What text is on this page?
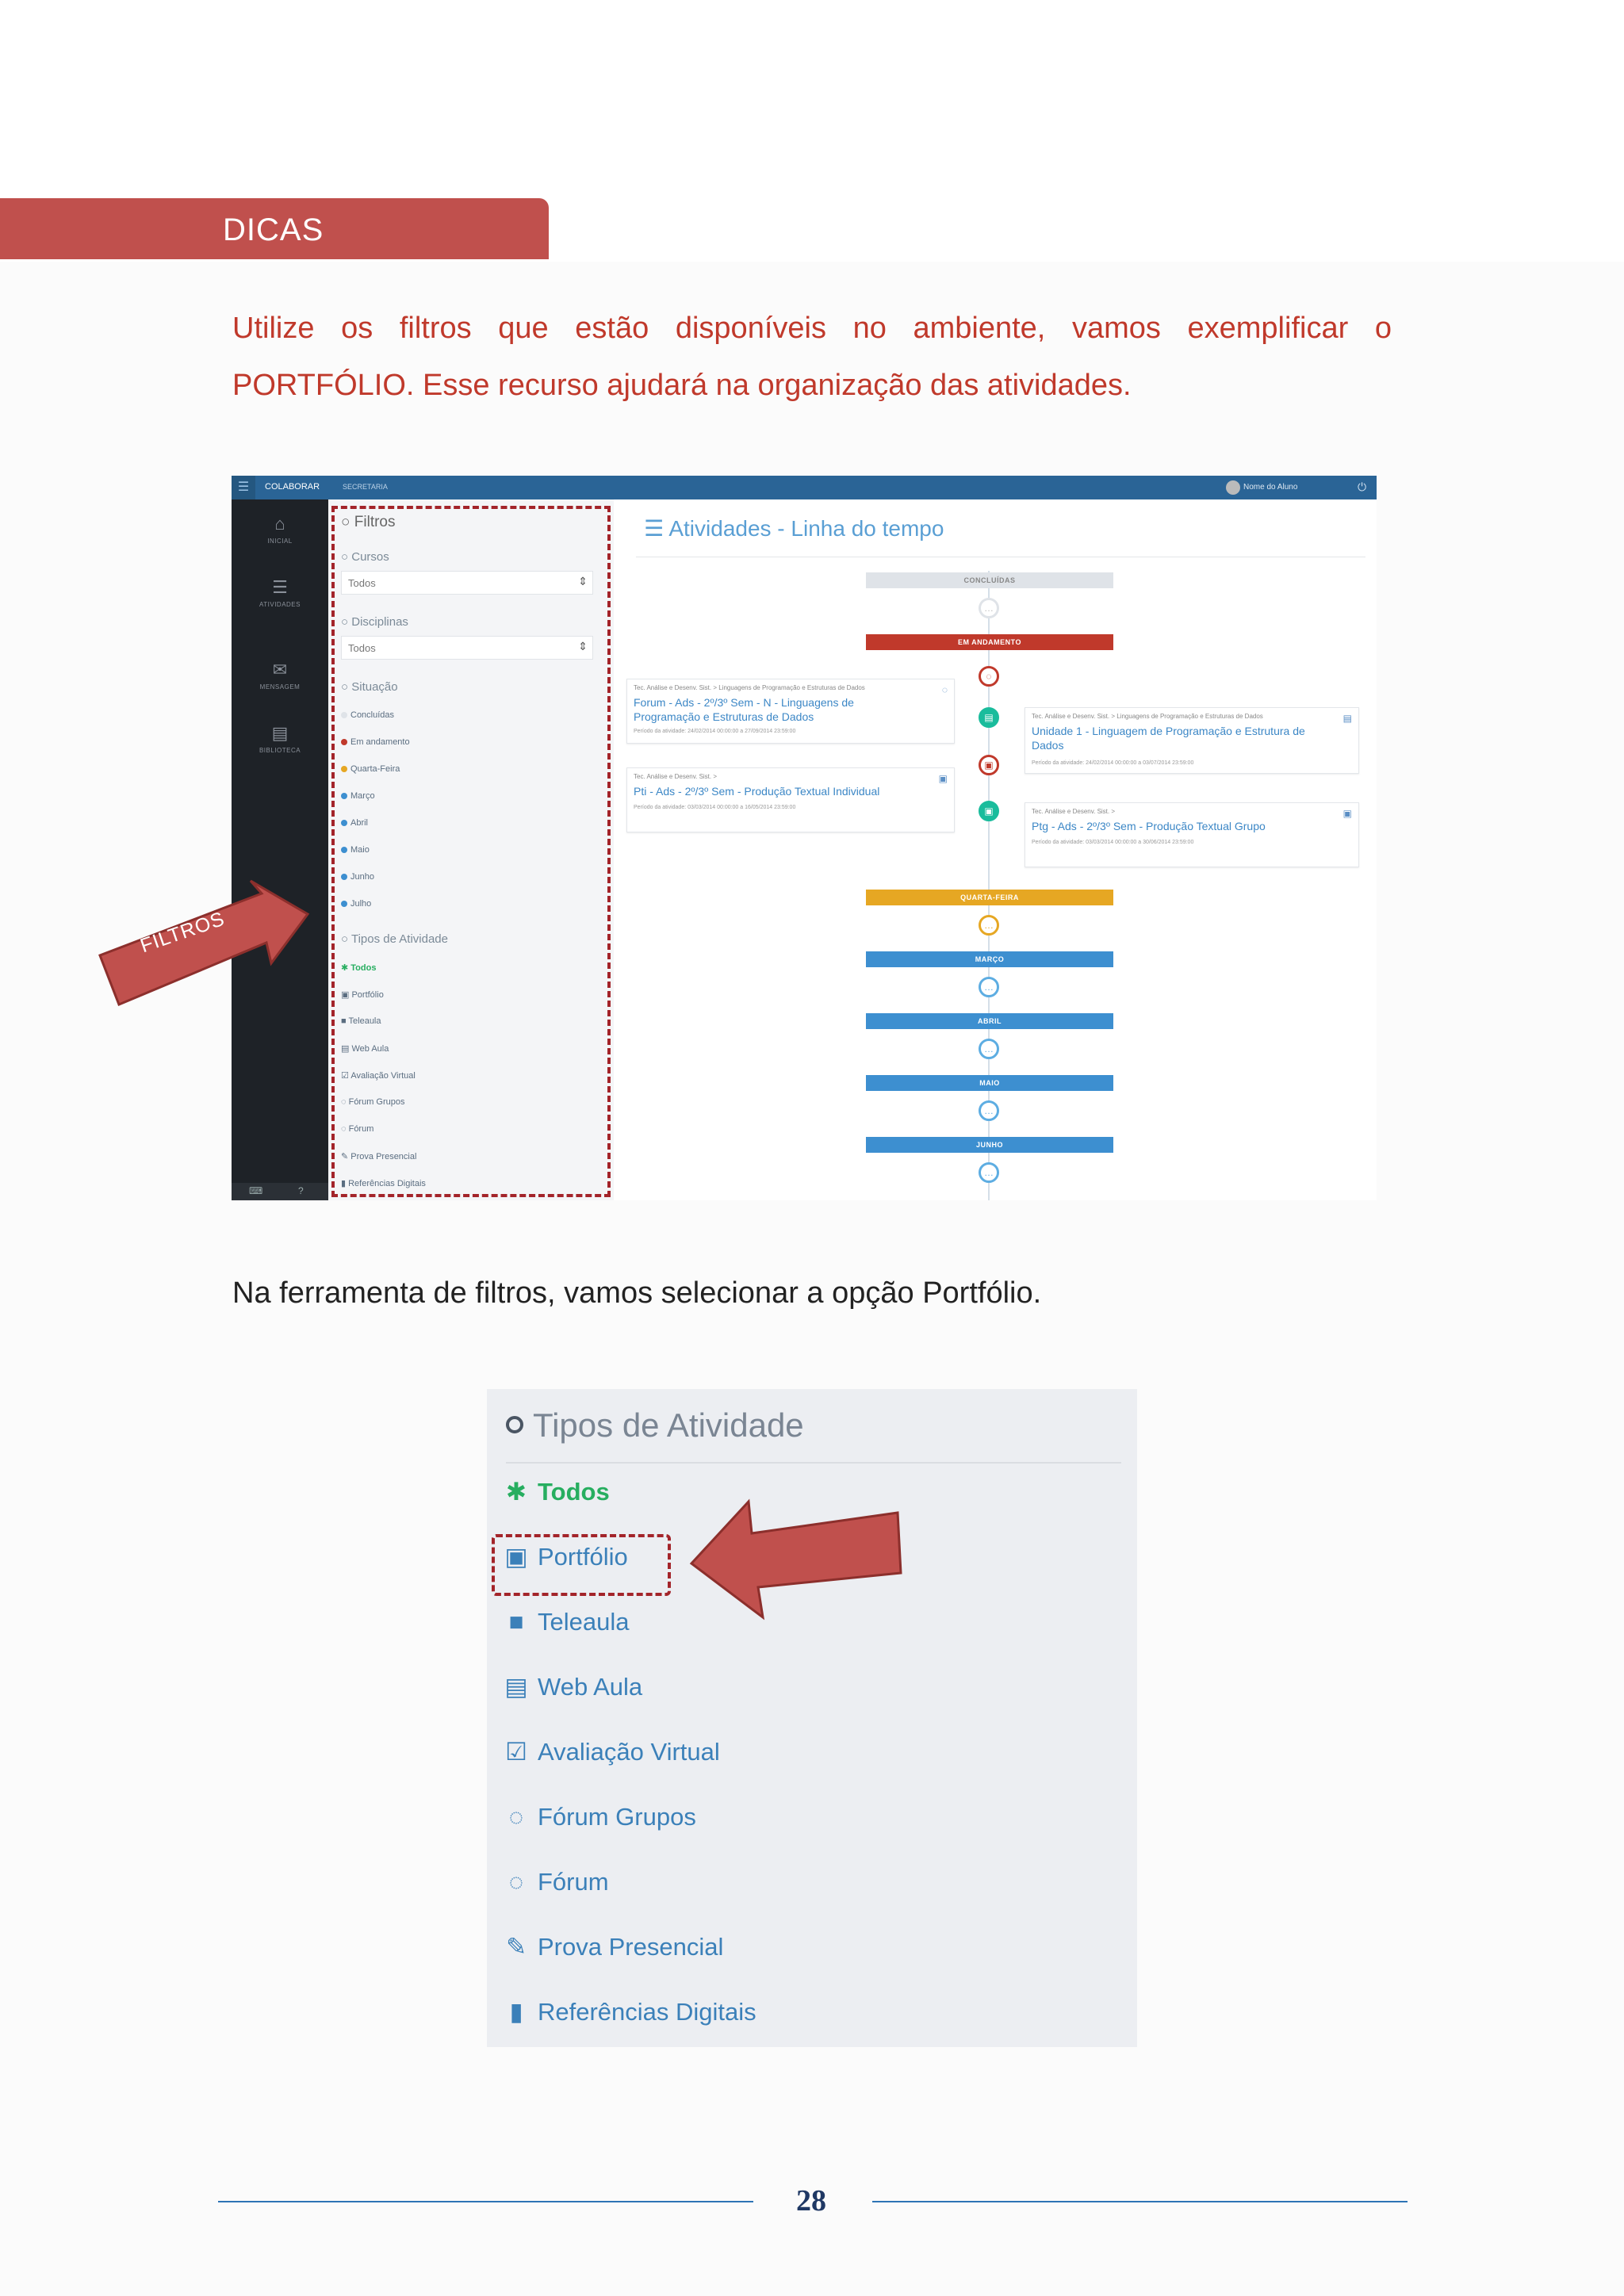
DICAS
Utilize os filtros que estão disponíveis no ambiente, vamos exemplificar o PORTFÓLIO. Esse recurso ajudará na organização das atividades.
☰	COLABORAR	SECRETARIA	Nome do Aluno	⏻
⌂
INICIAL
☰
ATIVIDADES
✉
MENSAGEM
▤
BIBLIOTECA
⌨	?
○ Filtros
○ Cursos
Todos	⇕
○ Disciplinas
Todos	⇕
○ Situação
Concluídas
Em andamento
Quarta-Feira
Março
Abril
Maio
Junho
Julho
○ Tipos de Atividade
✱ Todos
▣ Portfólio
■ Teleaula
▤ Web Aula
☑ Avaliação Virtual
◌ Fórum Grupos
◌ Fórum
✎ Prova Presencial
▮ Referências Digitais
☰ Atividades - Linha do tempo
CONCLUÍDAS
…
EM ANDAMENTO
◌
▤
▣
▣
Tec. Análise e Desenv. Sist. > Linguagens de Programação e Estruturas de Dados
Forum - Ads - 2º/3º Sem - N - Linguagens de Programação e Estruturas de Dados
Período da atividade: 24/02/2014 00:00:00 a 27/09/2014 23:59:00
◌
Tec. Análise e Desenv. Sist. > Linguagens de Programação e Estruturas de Dados
Unidade 1 - Linguagem de Programação e Estrutura de Dados
Período da atividade: 24/02/2014 00:00:00 a 03/07/2014 23:59:00
▤
Tec. Análise e Desenv. Sist. >
Pti - Ads - 2º/3º Sem - Produção Textual Individual
Período da atividade: 03/03/2014 00:00:00 a 16/05/2014 23:59:00
▣
Tec. Análise e Desenv. Sist. >
Ptg - Ads - 2º/3º Sem - Produção Textual Grupo
Período da atividade: 03/03/2014 00:00:00 a 30/06/2014 23:59:00
▣
QUARTA-FEIRA
…
MARÇO
…
ABRIL
…
MAIO
…
JUNHO
…
FILTROS
Na ferramenta de filtros, vamos selecionar a opção Portfólio.
Tipos de Atividade
✱ Todos
▣ Portfólio
■ Teleaula
▤ Web Aula
☑ Avaliação Virtual
◌ Fórum Grupos
◌ Fórum
✎ Prova Presencial
▮ Referências Digitais
28
